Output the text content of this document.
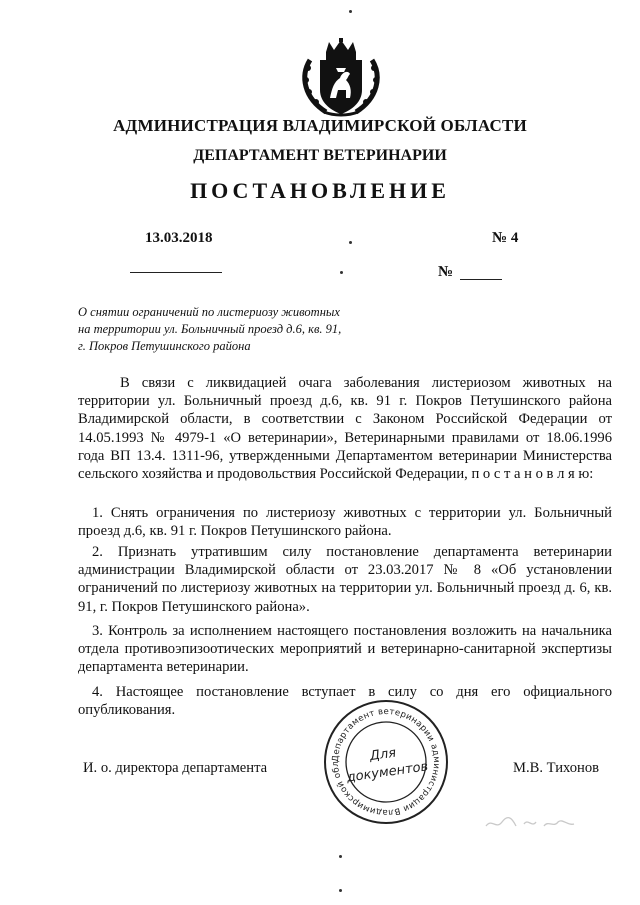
АДМИНИСТРАЦИЯ ВЛАДИМИРСКОЙ ОБЛАСТИ
ДЕПАРТАМЕНТ ВЕТЕРИНАРИИ
ПОСТАНОВЛЕНИЕ
13.03.2018	№ 4
№
О снятии ограничений по листериозу животных
на территории ул. Больничный проезд д.6, кв. 91,
г. Покров Петушинского района
В связи с ликвидацией очага заболевания листериозом животных на территории ул. Больничный проезд д.6, кв. 91 г. Покров Петушинского района Владимирской области, в соответствии с Законом Российской Федерации от 14.05.1993 № 4979-1 «О ветеринарии», Ветеринарными правилами от 18.06.1996 года ВП 13.4. 1311-96, утвержденными Департаментом ветеринарии Министерства сельского хозяйства и продовольствия Российской Федерации, п о с т а н о в л я ю:
1. Снять ограничения по листериозу животных с территории ул. Больничный проезд д.6, кв. 91 г. Покров Петушинского района.
2. Признать утратившим силу постановление департамента ветеринарии администрации Владимирской области от 23.03.2017 № 8 «Об установлении ограничений по листериозу животных на территории ул. Больничный проезд д. 6, кв. 91, г. Покров Петушинского района».
3. Контроль за исполнением настоящего постановления возложить на начальника отдела противоэпизоотических мероприятий и ветеринарно-санитарной экспертизы департамента ветеринарии.
4. Настоящее постановление вступает в силу со дня его официального опубликования.
И. о. директора департамента	М.В. Тихонов
Департамент ветеринарии администрации Владимирской обл	Для
документов
